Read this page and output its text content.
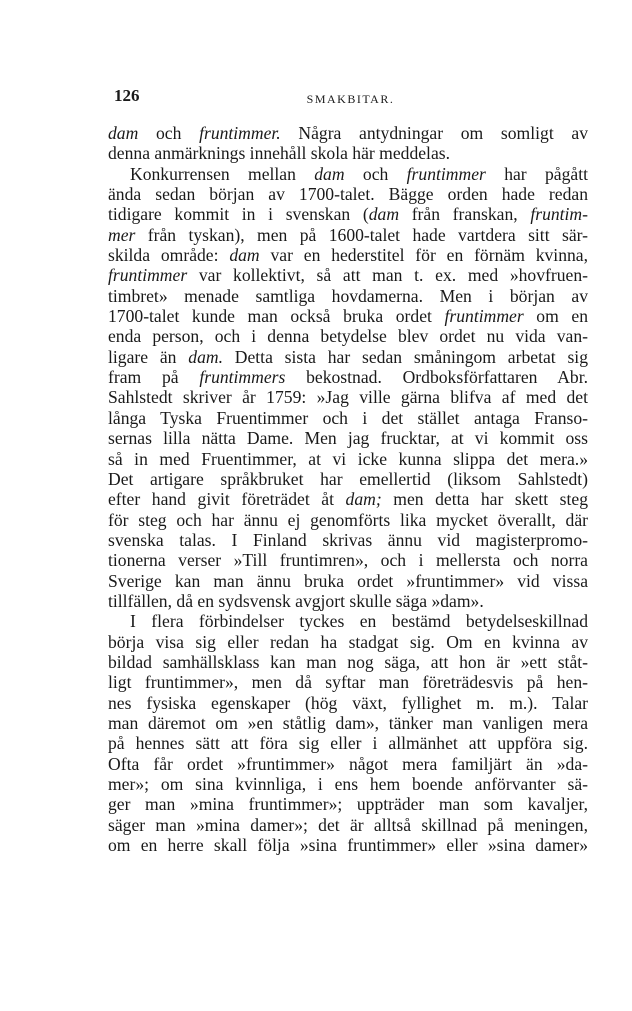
126	SMAKBITAR.
dam och fruntimmer. Några antydningar om somligt av
denna anmärknings innehåll skola här meddelas.
Konkurrensen mellan dam och fruntimmer har pågått
ända sedan början av 1700-talet. Bägge orden hade redan
tidigare kommit in i svenskan (dam från franskan, fruntim-
mer från tyskan), men på 1600-talet hade vartdera sitt sär-
skilda område: dam var en hederstitel för en förnäm kvinna,
fruntimmer var kollektivt, så att man t. ex. med »hovfruen-
timbret» menade samtliga hovdamerna. Men i början av
1700-talet kunde man också bruka ordet fruntimmer om en
enda person, och i denna betydelse blev ordet nu vida van-
ligare än dam. Detta sista har sedan småningom arbetat sig
fram på fruntimmers bekostnad. Ordboksförfattaren Abr.
Sahlstedt skriver år 1759: »Jag ville gärna blifva af med det
långa Tyska Fruentimmer och i det stället antaga Franso-
sernas lilla nätta Dame. Men jag frucktar, at vi kommit oss
så in med Fruentimmer, at vi icke kunna slippa det mera.»
Det artigare språkbruket har emellertid (liksom Sahlstedt)
efter hand givit företrädet åt dam; men detta har skett steg
för steg och har ännu ej genomförts lika mycket överallt, där
svenska talas. I Finland skrivas ännu vid magisterpromo-
tionerna verser »Till fruntimren», och i mellersta och norra
Sverige kan man ännu bruka ordet »fruntimmer» vid vissa
tillfällen, då en sydsvensk avgjort skulle säga »dam».
I flera förbindelser tyckes en bestämd betydelseskillnad
börja visa sig eller redan ha stadgat sig. Om en kvinna av
bildad samhällsklass kan man nog säga, att hon är »ett ståt-
ligt fruntimmer», men då syftar man företrädesvis på hen-
nes fysiska egenskaper (hög växt, fyllighet m. m.). Talar
man däremot om »en ståtlig dam», tänker man vanligen mera
på hennes sätt att föra sig eller i allmänhet att uppföra sig.
Ofta får ordet »fruntimmer» något mera familjärt än »da-
mer»; om sina kvinnliga, i ens hem boende anförvanter sä-
ger man »mina fruntimmer»; uppträder man som kavaljer,
säger man »mina damer»; det är alltså skillnad på meningen,
om en herre skall följa »sina fruntimmer» eller »sina damer»
